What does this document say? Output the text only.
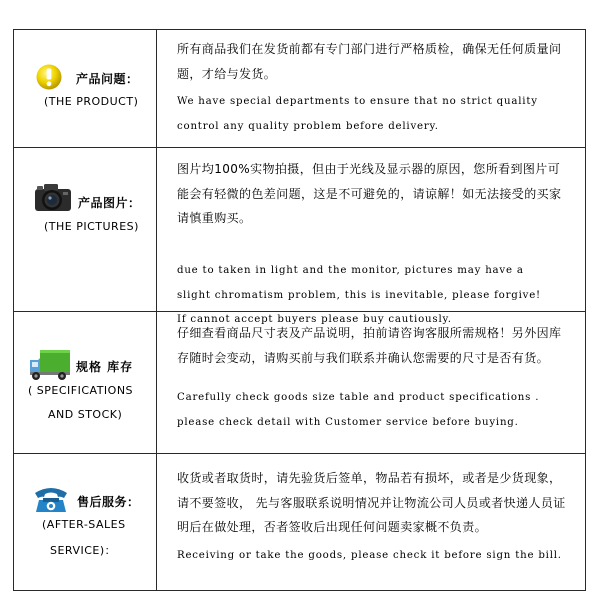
产品问题：
(THE PRODUCT)
所有商品我们在发货前都有专门部门进行严格质检，确保无任何质量问题，才给与发货。
We have special departments to ensure that no strict quality
control any quality problem before delivery.
产品图片：
(THE PICTURES)
图片均100%实物拍摄，但由于光线及显示器的原因，您所看到图片可能会有轻微的色差问题，这是不可避免的，请谅解！如无法接受的买家请慎重购买。
due to taken in light and the monitor, pictures may have a
slight chromatism problem, this is inevitable, please forgive!
If cannot accept buyers please buy cautiously.
规格 库存
( SPECIFICATIONS
AND STOCK)
仔细查看商品尺寸表及产品说明，拍前请咨询客服所需规格！另外因库存随时会变动，请购买前与我们联系并确认您需要的尺寸是否有货。
Carefully check goods size table and product specifications .
please check detail with Customer service before buying.
售后服务：
(AFTER-SALES
SERVICE)：
收货或者取货时，请先验货后签单，物品若有损坏，或者是少货现象，请不要签收， 先与客服联系说明情况并让物流公司人员或者快递人员证明后在做处理，否者签收后出现任何问题卖家概不负责。
Receiving or take the goods, please check it before sign the bill.
